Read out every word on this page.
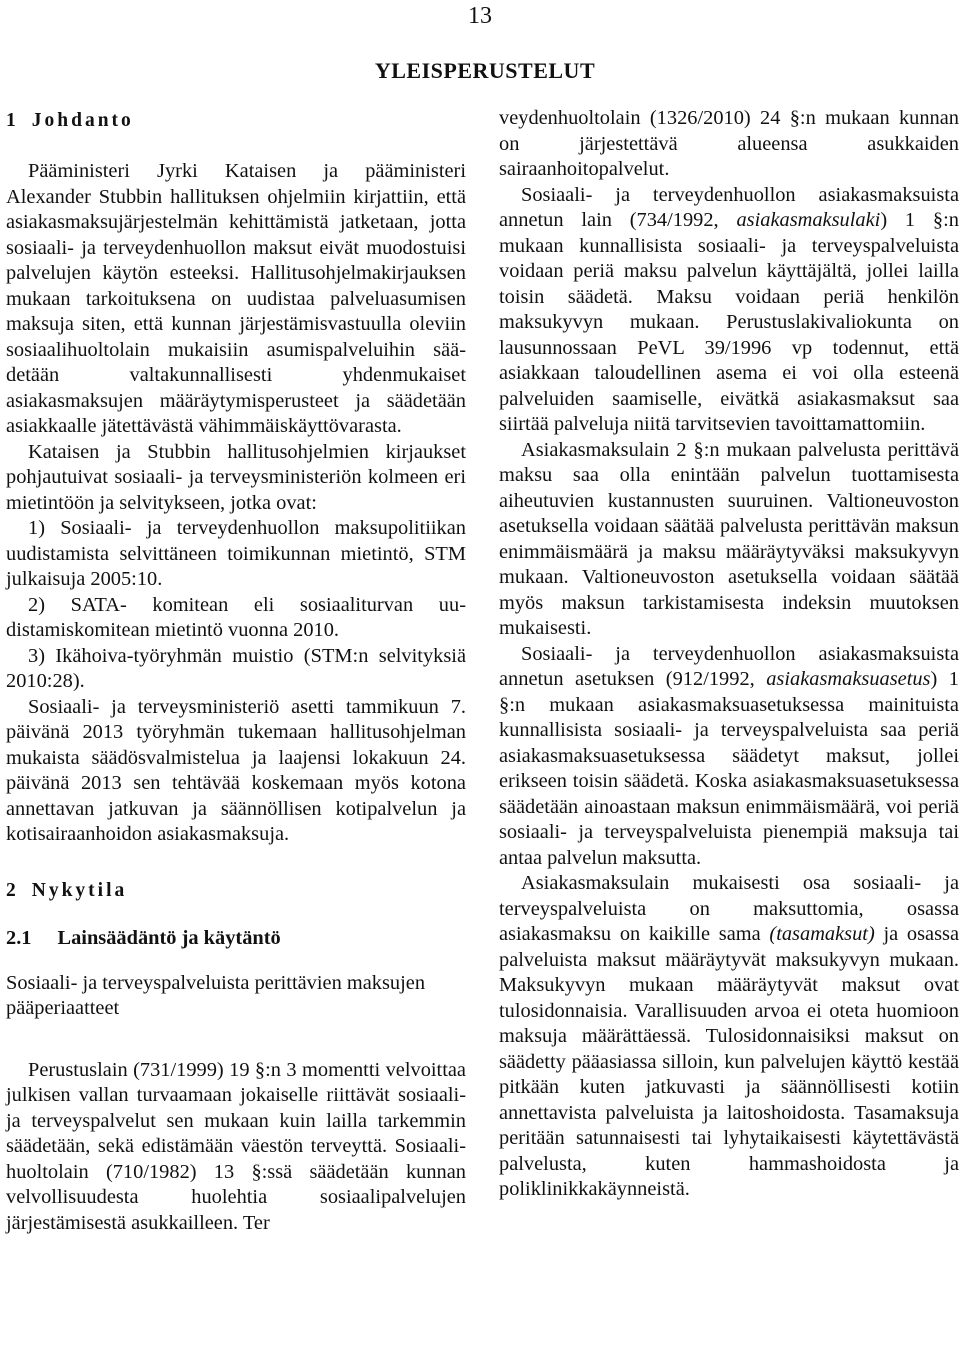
13
YLEISPERUSTELUT
1 Johdanto

Pääministeri Jyrki Kataisen ja pääministeri Alexander Stubbin hallituksen ohjelmiin kirjattiin, että asiakasmaksujärjestelmän kehittämistä jatketaan, jotta sosiaali- ja terveydenhuollon maksut eivät muodostuisi palvelujen käytön esteeksi. Hallitusohjelmakirjauksen mukaan tarkoituksena on uudistaa palveluasumisen maksuja siten, että kunnan järjestämisvastuulla oleviin sosiaalihuoltolain mukaisiin asumispalveluihin säädetään valtakunnallisesti yhdenmukaiset asiakasmaksujen määräytymisperusteet ja säädetään asiakkaalle jätettävästä vähimmäiskäyttövarasta.

Kataisen ja Stubbin hallitusohjelmien kirjaukset pohjautuivat sosiaali- ja terveysministeriön kolmeen eri mietintöön ja selvitykseen, jotka ovat:

1) Sosiaali- ja terveydenhuollon maksupolitiikan uudistamista selvittäneen toimikunnan mietintö, STM julkaisuja 2005:10.

2) SATA- komitean eli sosiaaliturvan uudistamiskomitean mietintö vuonna 2010.

3) Ikähoiva-työryhmän muistio (STM:n selvityksiä 2010:28).

Sosiaali- ja terveysministeriö asetti tammikuun 7. päivänä 2013 työryhmän tukemaan hallitusohjelman mukaista säädösvalmistelua ja laajensi lokakuun 24. päivänä 2013 sen tehtävää koskemaan myös kotona annettavan jatkuvan ja säännöllisen kotipalvelun ja kotisairaanhoidon asiakasmaksuja.

2 Nykytila
2.1 Lainsäädäntö ja käytäntö

Sosiaali- ja terveyspalveluista perittävien maksujen pääperiaatteet

Perustuslain (731/1999) 19 §:n 3 momentti velvoittaa julkisen vallan turvaamaan jokaiselle riittävät sosiaali- ja terveyspalvelut sen mukaan kuin lailla tarkemmin säädetään, sekä edistämään väestön terveyttä. Sosiaalihuoltolain (710/1982) 13 §:ssä säädetään kunnan velvollisuudesta huolehtia sosiaalipalvelujen järjestämisestä asukkailleen. Ter

veydenhuoltolain (1326/2010) 24 §:n mukaan kunnan on järjestettävä alueensa asukkaiden sairaanhoitopalvelut.

Sosiaali- ja terveydenhuollon asiakasmaksuista annetun lain (734/1992, asiakasmaksulaki) 1 §:n mukaan kunnallisista sosiaali- ja terveyspalveluista voidaan periä maksu palvelun käyttäjältä, jollei lailla toisin säädetä. Maksu voidaan periä henkilön maksukyvyn mukaan. Perustuslakivaliokunta on lausunnossaan PeVL 39/1996 vp todennut, että asiakkaan taloudellinen asema ei voi olla esteenä palveluiden saamiselle, eivätkä asiakasmaksut saa siirtää palveluja niitä tarvitsevien tavoittamattomiin.

Asiakasmaksulain 2 §:n mukaan palvelusta perittävä maksu saa olla enintään palvelun tuottamisesta aiheutuvien kustannusten suuruinen. Valtioneuvoston asetuksella voidaan säätää palvelusta perittävän maksun enimmäismäärä ja maksu määräytyväksi maksukyvyn mukaan. Valtioneuvoston asetuksella voidaan säätää myös maksun tarkistamisesta indeksin muutoksen mukaisesti.

Sosiaali- ja terveydenhuollon asiakasmaksuista annetun asetuksen (912/1992, asiakasmaksuasetus) 1 §:n mukaan asiakasmaksuasetuksessa mainituista kunnallisista sosiaali- ja terveyspalveluista saa periä asiakasmaksuasetuksessa säädetyt maksut, jollei erikseen toisin säädetä. Koska asiakasmaksuasetuksessa säädetään ainoastaan maksun enimmäismäärä, voi periä sosiaali- ja terveyspalveluista pienempiä maksuja tai antaa palvelun maksutta.

Asiakasmaksulain mukaisesti osa sosiaali- ja terveyspalveluista on maksuttomia, osassa asiakasmaksu on kaikille sama (tasamaksut) ja osassa palveluista maksut määräytyvät maksukyvyn mukaan. Maksukyvyn mukaan määräytyvät maksut ovat tulosidonnaisia. Varallisuuden arvoa ei oteta huomioon maksuja määrättäessä. Tulosidonnaisiksi maksut on säädetty pääasiassa silloin, kun palvelujen käyttö kestää pitkään kuten jatkuvasti ja säännöllisesti kotiin annettavista palveluista ja laitoshoidosta. Tasamaksuja peritään satunnaisesti tai lyhytaikaisesti käytettävästä palvelusta, kuten hammashoidosta ja poliklinikkakäynneistä.
